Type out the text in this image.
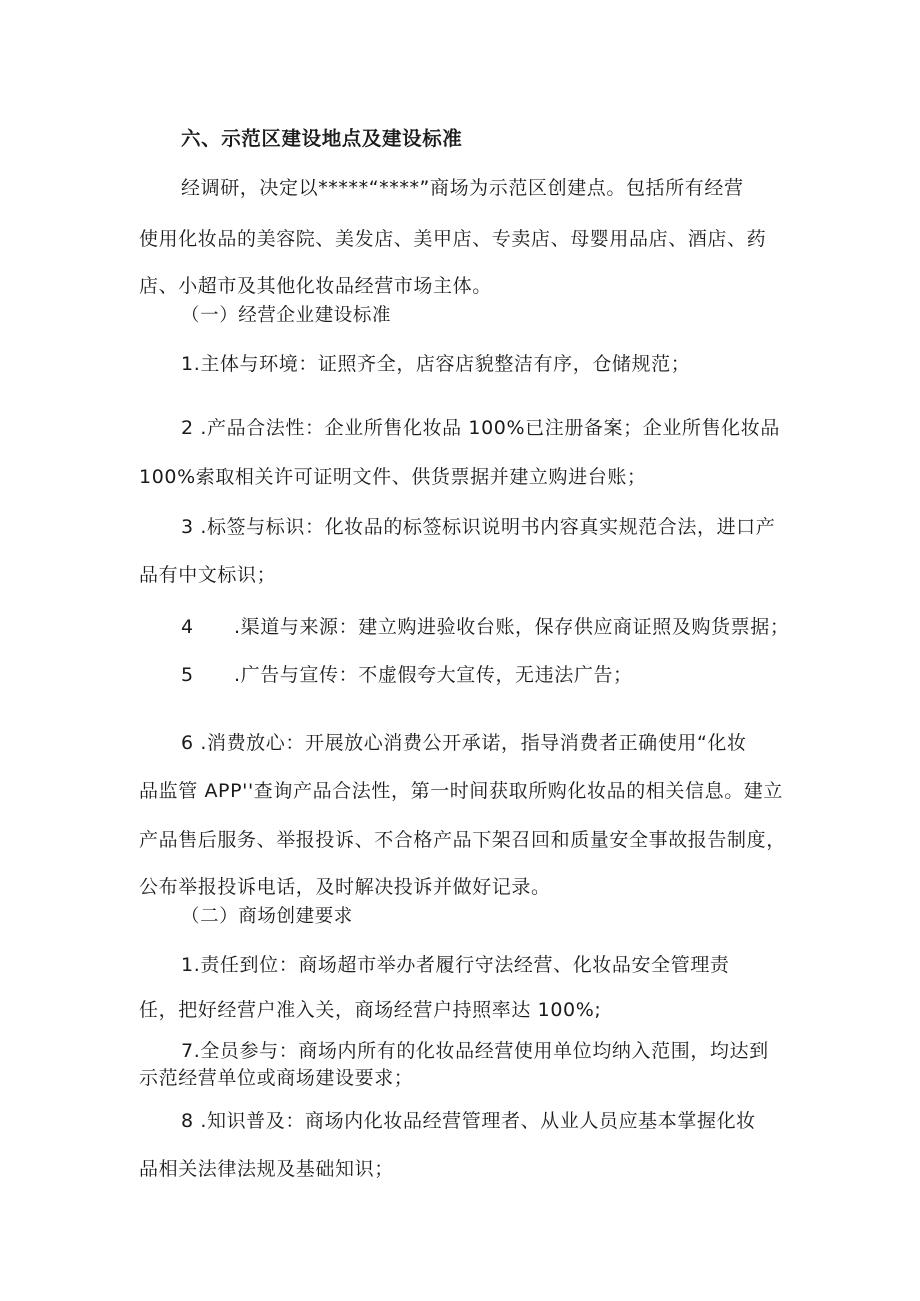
六、示范区建设地点及建设标准
经调研，决定以*****“****”商场为示范区创建点。包括所有经营
使用化妆品的美容院、美发店、美甲店、专卖店、母婴用品店、酒店、药
店、小超市及其他化妆品经营市场主体。
（一）经营企业建设标准
1.主体与环境：证照齐全，店容店貌整洁有序，仓储规范；
2 .产品合法性：企业所售化妆品 100%已注册备案；企业所售化妆品
100%索取相关许可证明文件、供货票据并建立购进台账；
3 .标签与标识：化妆品的标签标识说明书内容真实规范合法，进口产
品有中文标识；
4 .渠道与来源：建立购进验收台账，保存供应商证照及购货票据；
5 .广告与宣传：不虚假夸大宣传，无违法广告；
6 .消费放心：开展放心消费公开承诺，指导消费者正确使用“化妆
品监管 APP''查询产品合法性，第一时间获取所购化妆品的相关信息。建立
产品售后服务、举报投诉、不合格产品下架召回和质量安全事故报告制度，
公布举报投诉电话，及时解决投诉并做好记录。
（二）商场创建要求
1.责任到位：商场超市举办者履行守法经营、化妆品安全管理责
任，把好经营户准入关，商场经营户持照率达 100%;
7.全员参与：商场内所有的化妆品经营使用单位均纳入范围，均达到
示范经营单位或商场建设要求；
8 .知识普及：商场内化妆品经营管理者、从业人员应基本掌握化妆
品相关法律法规及基础知识；
